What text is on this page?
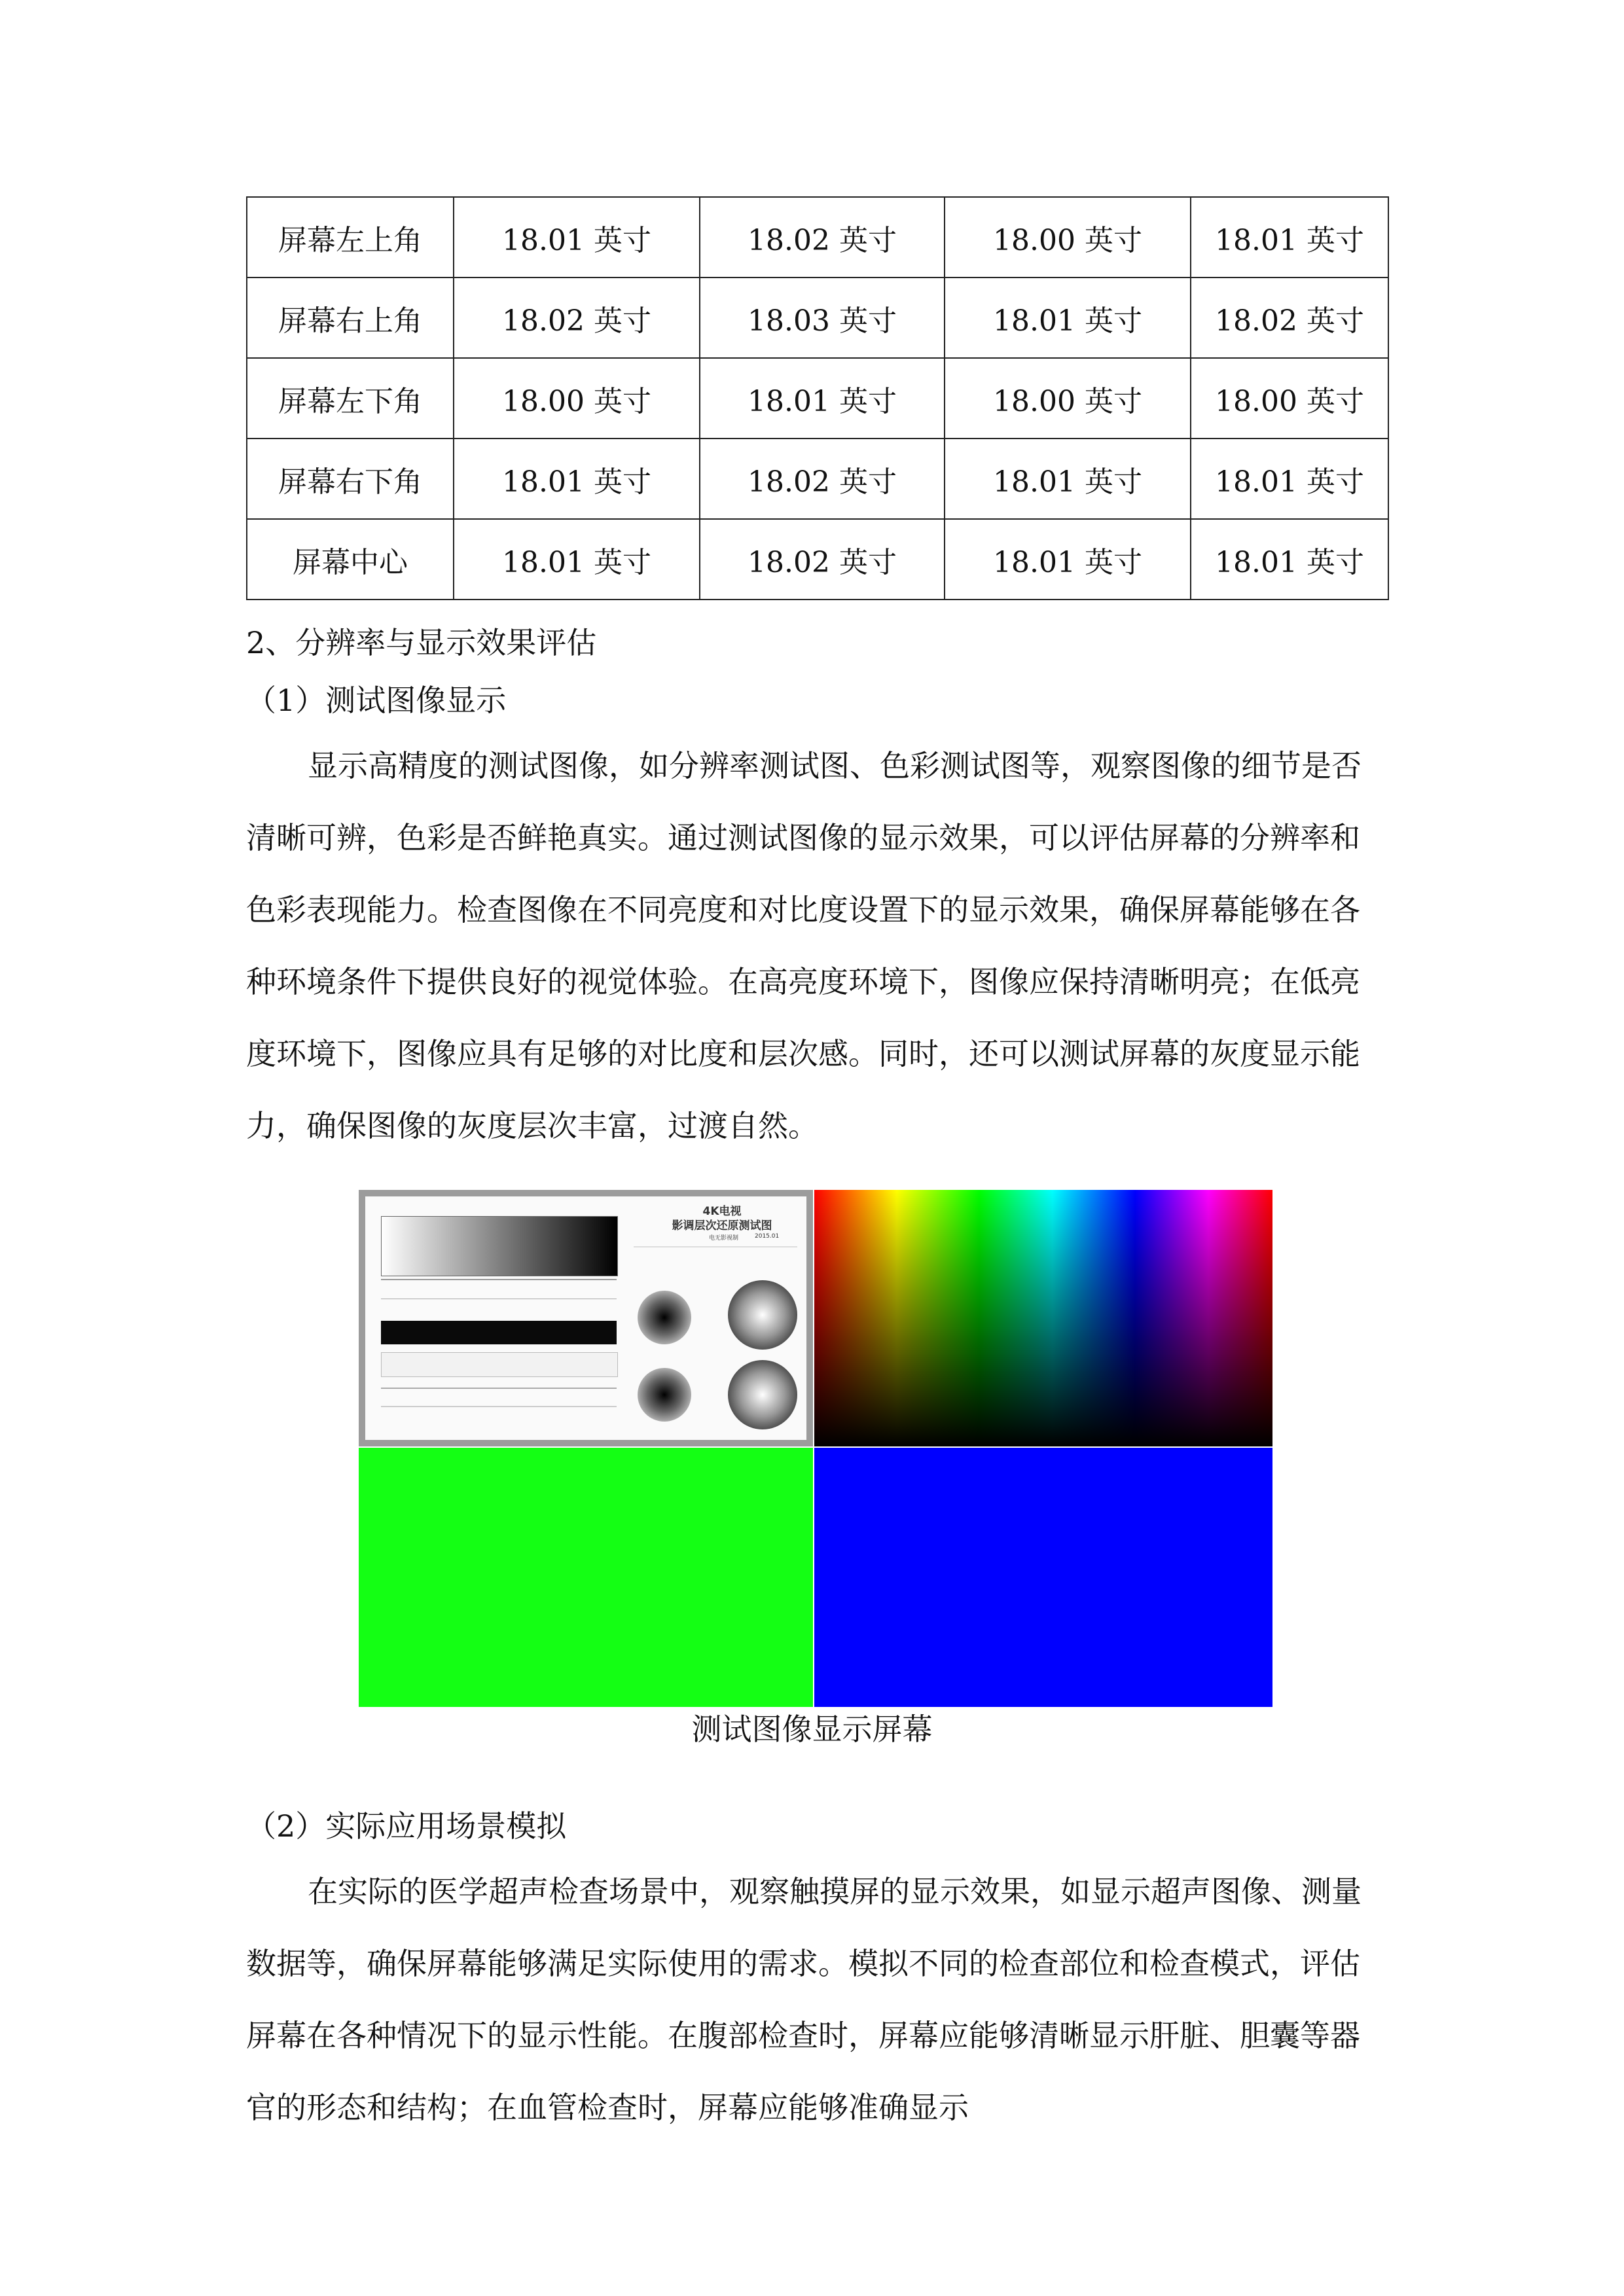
屏幕左上角	18.01 英寸	18.02 英寸	18.00 英寸	18.01 英寸
屏幕右上角	18.02 英寸	18.03 英寸	18.01 英寸	18.02 英寸
屏幕左下角	18.00 英寸	18.01 英寸	18.00 英寸	18.00 英寸
屏幕右下角	18.01 英寸	18.02 英寸	18.01 英寸	18.01 英寸
屏幕中心	18.01 英寸	18.02 英寸	18.01 英寸	18.01 英寸
2、分辨率与显示效果评估
（1）测试图像显示
显示高精度的测试图像，如分辨率测试图、色彩测试图等，观察图像的细节是否清晰可辨，色彩是否鲜艳真实。通过测试图像的显示效果，可以评估屏幕的分辨率和色彩表现能力。检查图像在不同亮度和对比度设置下的显示效果，确保屏幕能够在各种环境条件下提供良好的视觉体验。在高亮度环境下，图像应保持清晰明亮；在低亮度环境下，图像应具有足够的对比度和层次感。同时，还可以测试屏幕的灰度显示能力，确保图像的灰度层次丰富，过渡自然。
4K电视
影调层次还原测试图
电无影视制	2015.01
测试图像显示屏幕
（2）实际应用场景模拟
在实际的医学超声检查场景中，观察触摸屏的显示效果，如显示超声图像、测量数据等，确保屏幕能够满足实际使用的需求。模拟不同的检查部位和检查模式，评估屏幕在各种情况下的显示性能。在腹部检查时，屏幕应能够清晰显示肝脏、胆囊等器官的形态和结构；在血管检查时，屏幕应能够准确显示
